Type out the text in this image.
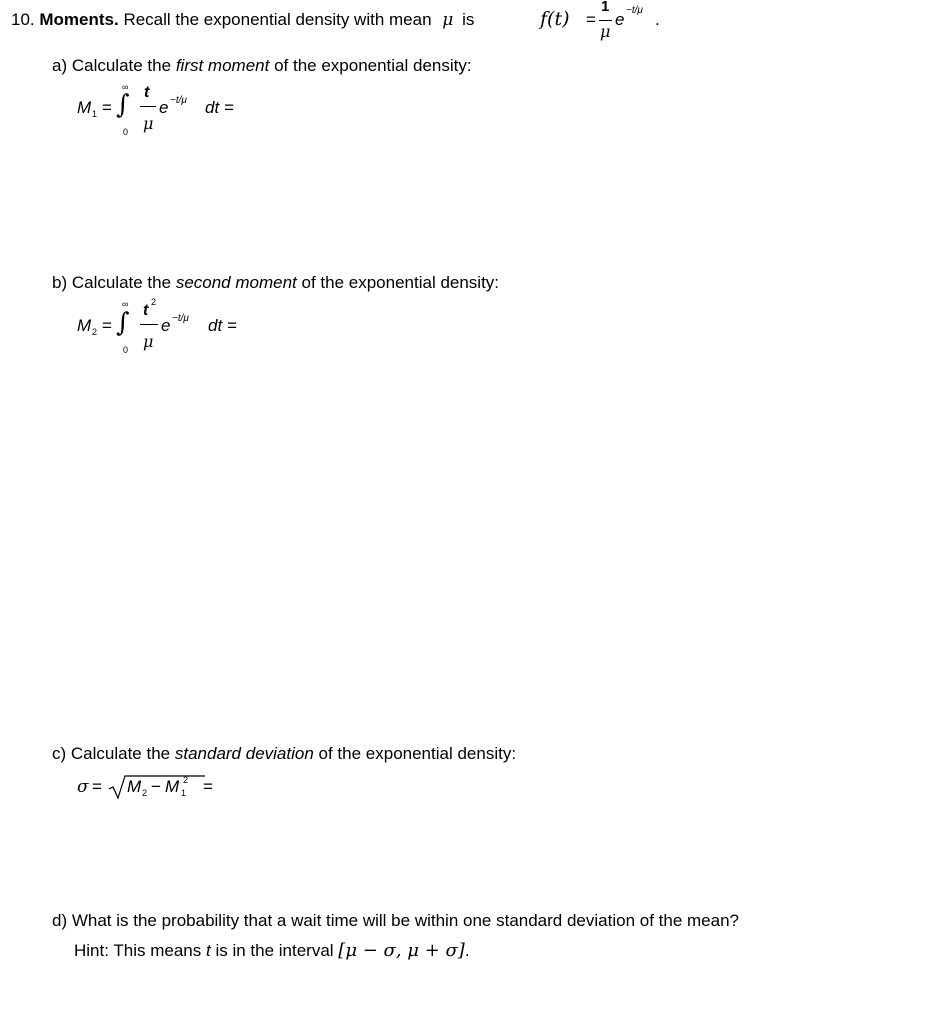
10. Moments. Recall the exponential density with mean μ is	f(t) =
1
μ
e −t/μ .
a) Calculate the first moment of the exponential density:
M 1 =
∞
∫
0
t
μ
e −t/μ dt =
b) Calculate the second moment of the exponential density:
M 2 =
∞
∫
0
t 2
μ
e −t/μ dt =
c) Calculate the standard deviation of the exponential density:
σ = M 2 − M 1
2 =
d) What is the probability that a wait time will be within one standard deviation of the mean?
Hint: This means t is in the interval [μ − σ, μ + σ].
